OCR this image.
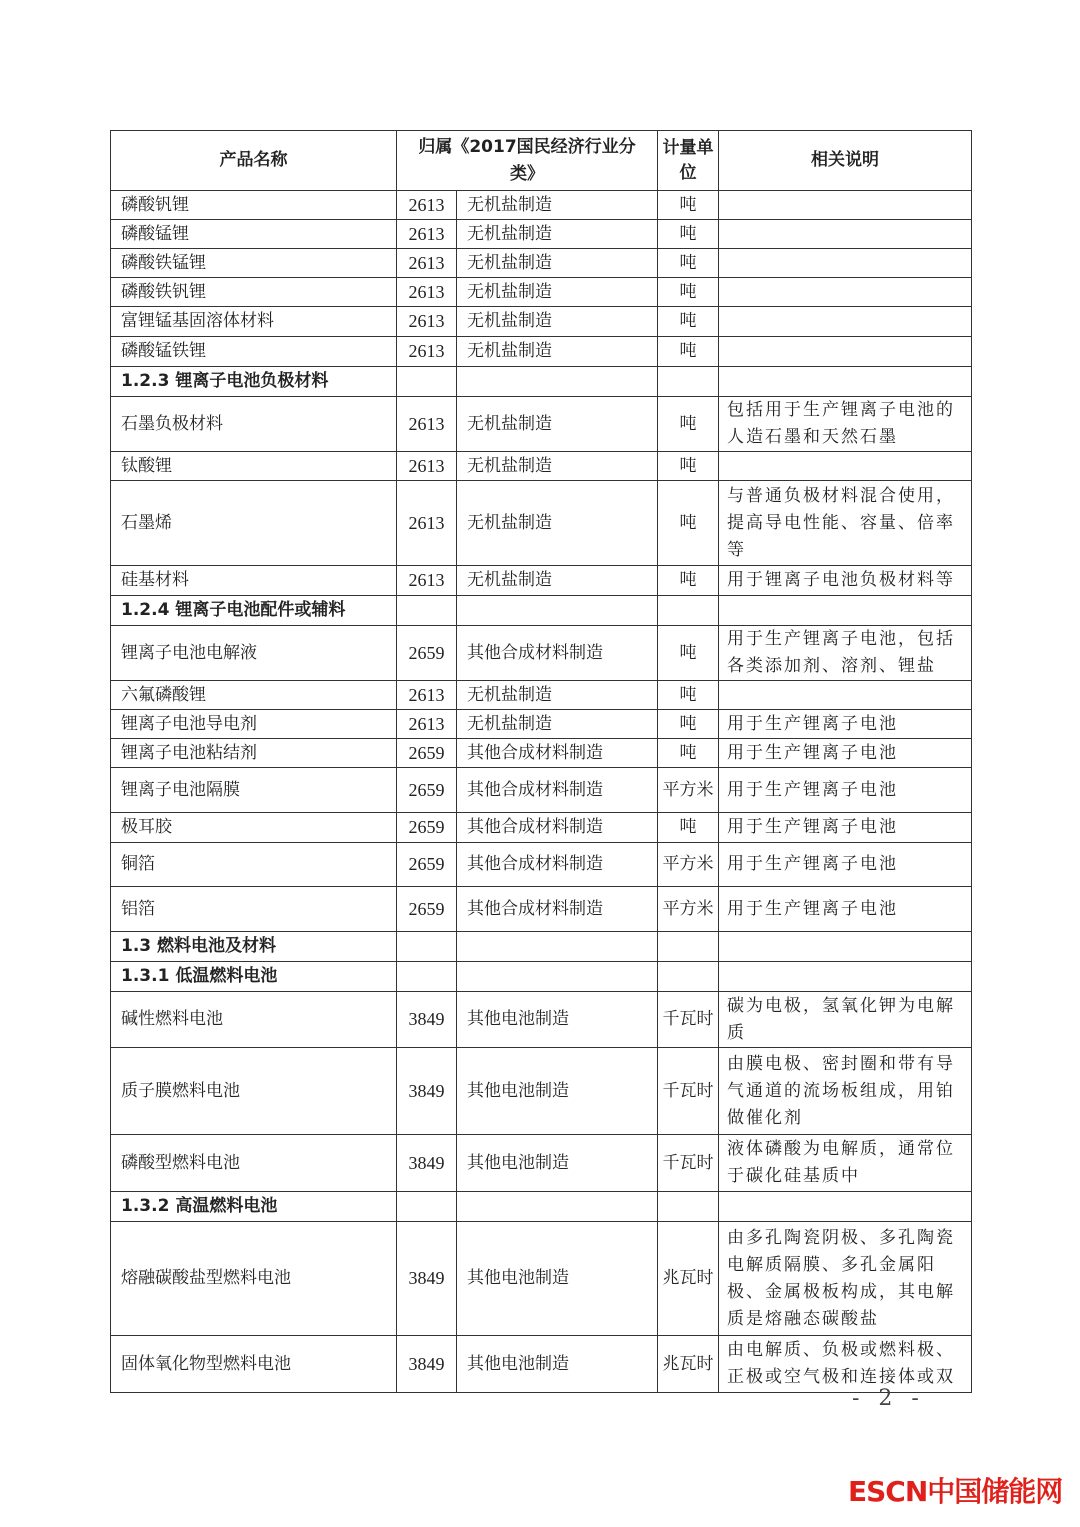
产品名称	归属《2017国民经济行业分类》		计量单位	相关说明
磷酸钒锂	2613	无机盐制造	吨	
磷酸锰锂	2613	无机盐制造	吨	
磷酸铁锰锂	2613	无机盐制造	吨	
磷酸铁钒锂	2613	无机盐制造	吨	
富锂锰基固溶体材料	2613	无机盐制造	吨	
磷酸锰铁锂	2613	无机盐制造	吨	
1.2.3 锂离子电池负极材料				
石墨负极材料	2613	无机盐制造	吨	包括用于生产锂离子电池的人造石墨和天然石墨
钛酸锂	2613	无机盐制造	吨	
石墨烯	2613	无机盐制造	吨	与普通负极材料混合使用，提高导电性能、容量、倍率等
硅基材料	2613	无机盐制造	吨	用于锂离子电池负极材料等
1.2.4 锂离子电池配件或辅料				
锂离子电池电解液	2659	其他合成材料制造	吨	用于生产锂离子电池，包括各类添加剂、溶剂、锂盐
六氟磷酸锂	2613	无机盐制造	吨	
锂离子电池导电剂	2613	无机盐制造	吨	用于生产锂离子电池
锂离子电池粘结剂	2659	其他合成材料制造	吨	用于生产锂离子电池
锂离子电池隔膜	2659	其他合成材料制造	平方米	用于生产锂离子电池
极耳胶	2659	其他合成材料制造	吨	用于生产锂离子电池
铜箔	2659	其他合成材料制造	平方米	用于生产锂离子电池
铝箔	2659	其他合成材料制造	平方米	用于生产锂离子电池
1.3 燃料电池及材料				
1.3.1 低温燃料电池				
碱性燃料电池	3849	其他电池制造	千瓦时	碳为电极，氢氧化钾为电解质
质子膜燃料电池	3849	其他电池制造	千瓦时	由膜电极、密封圈和带有导气通道的流场板组成，用铂做催化剂
磷酸型燃料电池	3849	其他电池制造	千瓦时	液体磷酸为电解质，通常位于碳化硅基质中
1.3.2 高温燃料电池				
熔融碳酸盐型燃料电池	3849	其他电池制造	兆瓦时	由多孔陶瓷阴极、多孔陶瓷电解质隔膜、多孔金属阳极、金属极板构成，其电解质是熔融态碳酸盐
固体氧化物型燃料电池	3849	其他电池制造	兆瓦时	由电解质、负极或燃料极、正极或空气极和连接体或双
- 2 -
ESCN中国储能网
